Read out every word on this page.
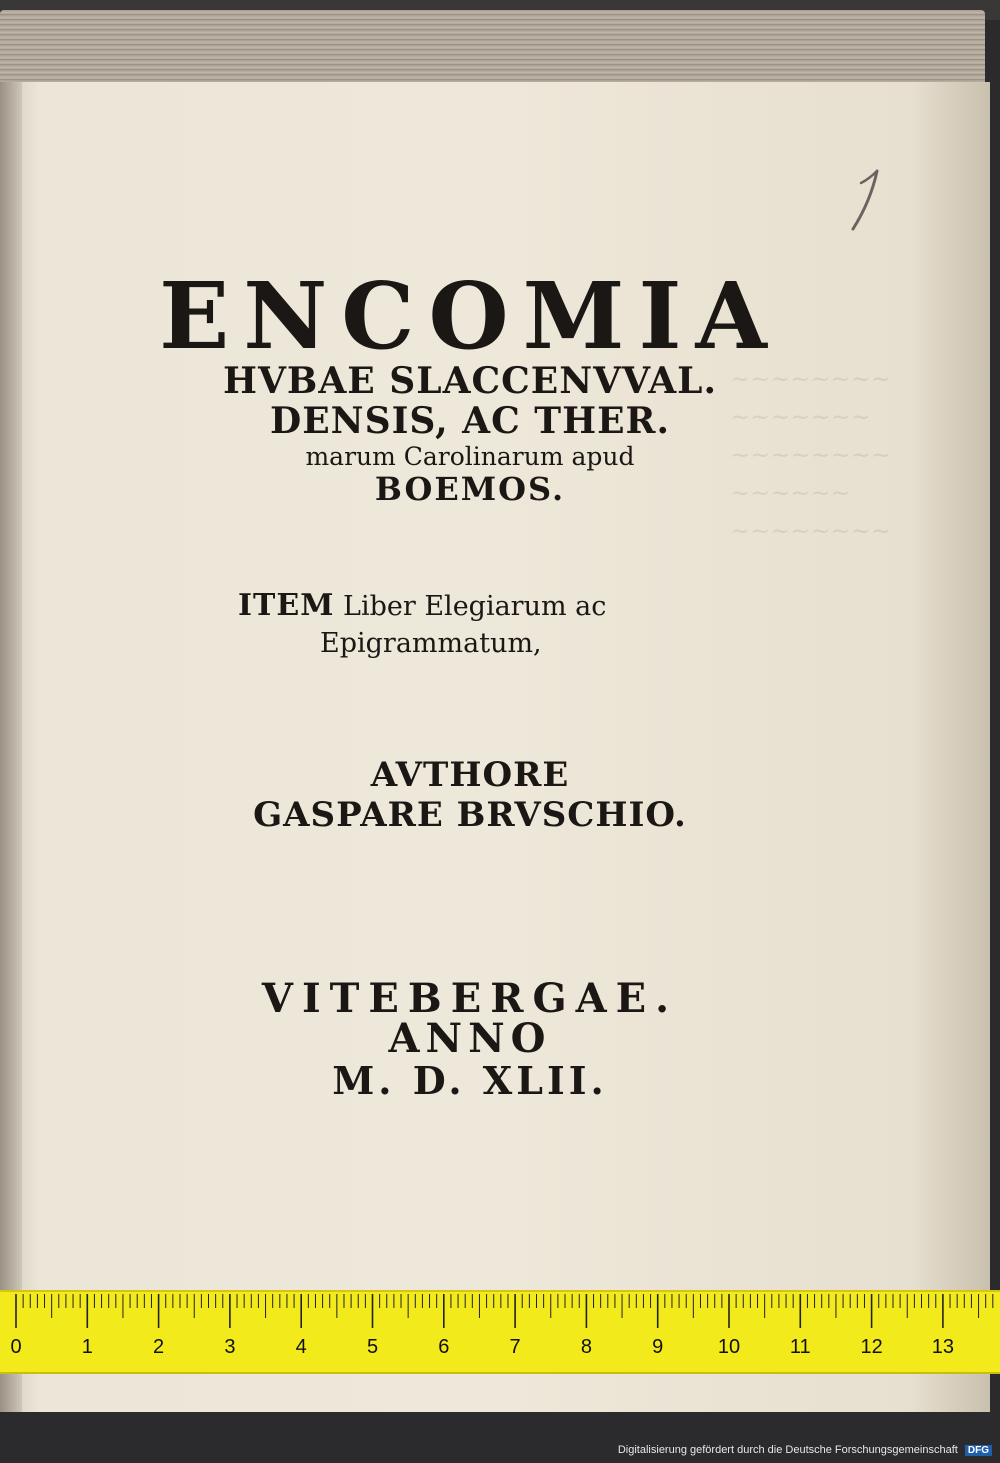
~~~~~~~~
~~~~~~~
~~~~~~~~
~~~~~~
~~~~~~~~
ENCOMIA
HVBAE SLACCENVVAL.
DENSIS, AC THER.
marum Carolinarum apud
BOEMOS.
ITEM Liber Elegiarum ac
Epigrammatum,
AVTHORE
GASPARE BRVSCHIO.
VITEBERGAE.
ANNO
M. D. XLII.
0	1	2	3	4	5	6	7	8	9	10 11 12 13
Digitalisierung gefördert durch die Deutsche Forschungsgemeinschaft DFG
